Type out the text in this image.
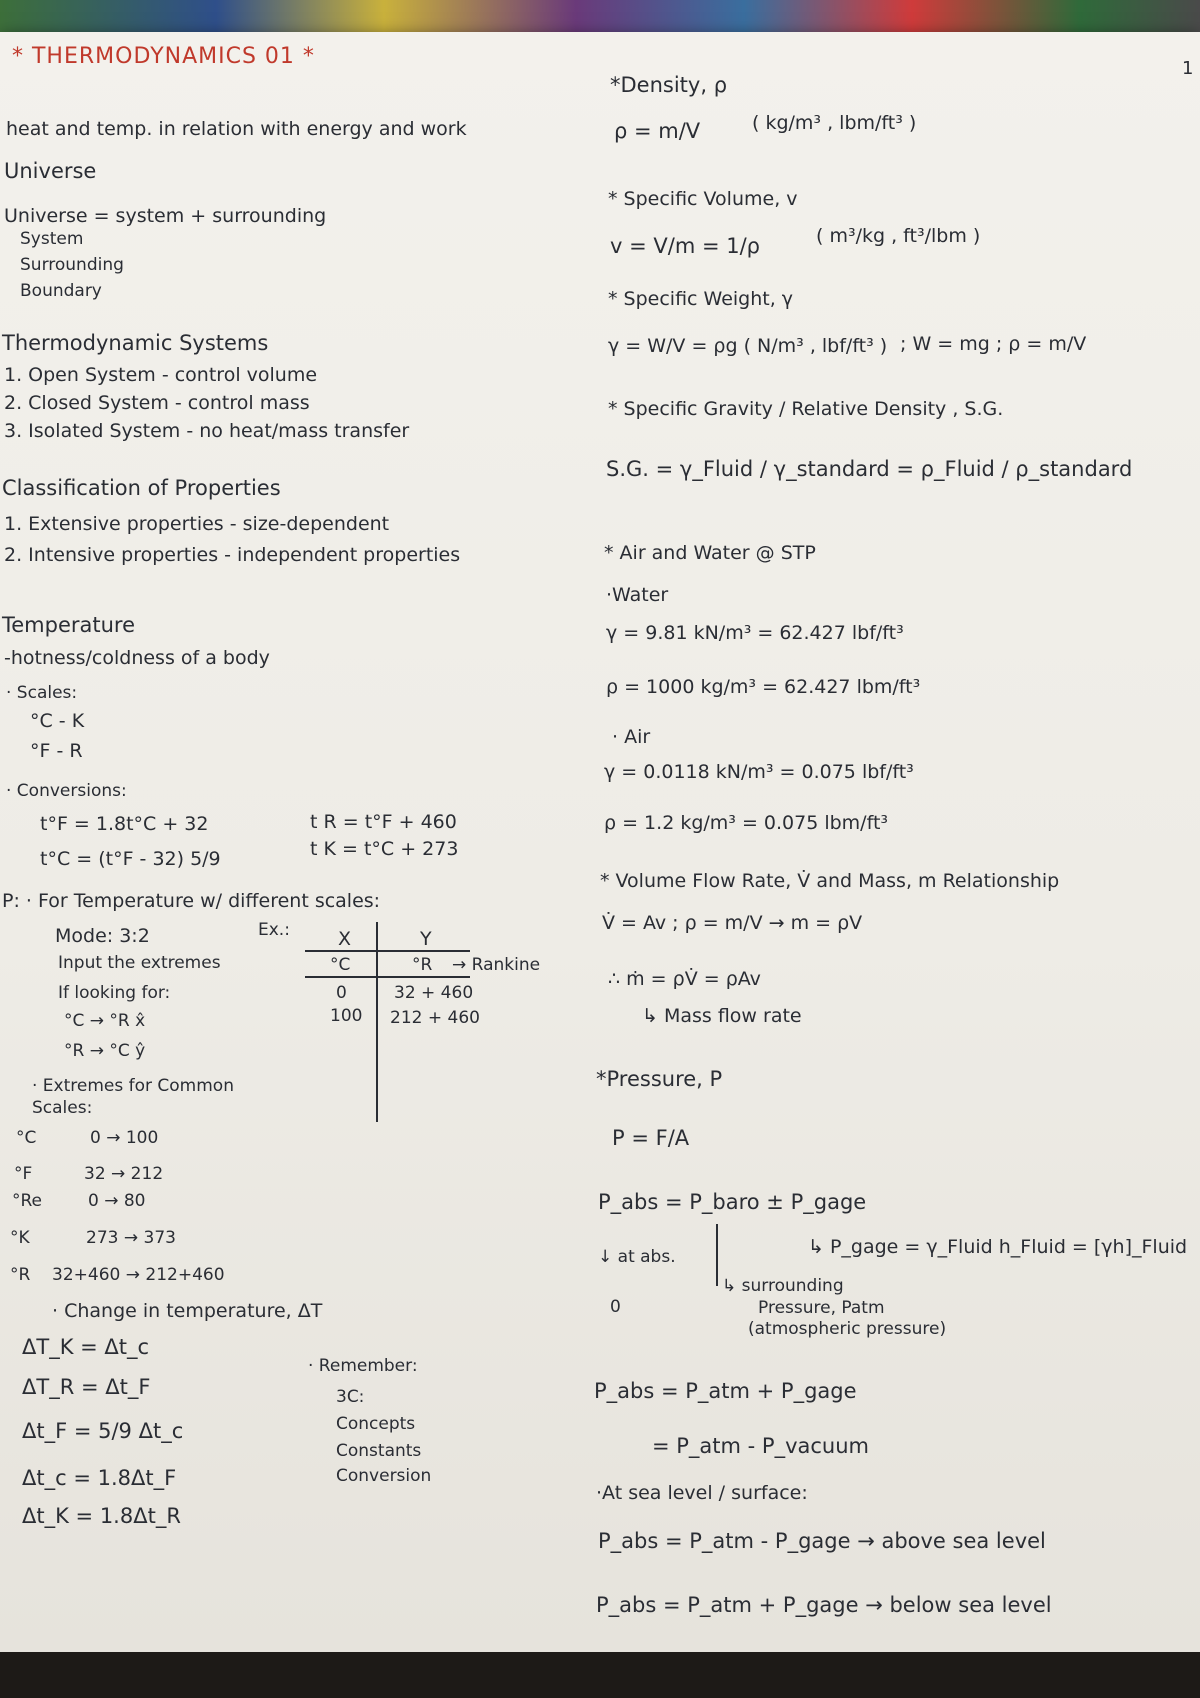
1
* THERMODYNAMICS 01 *
heat and temp. in relation with energy and work
Universe
Universe = system + surrounding
System
Surrounding
Boundary
Thermodynamic Systems
1. Open System - control volume
2. Closed System - control mass
3. Isolated System - no heat/mass transfer
Classification of Properties
1. Extensive properties - size-dependent
2. Intensive properties - independent properties
Temperature
-hotness/coldness of a body
· Scales:
°C - K
°F - R
· Conversions:
t°F = 1.8t°C + 32
t°C = (t°F - 32) 5/9
t R = t°F + 460
t K = t°C + 273
P: · For Temperature w/ different scales:
Mode: 3:2
Input the extremes
If looking for:
°C → °R x̂
°R → °C ŷ
Ex.:	X	Y
°C	°R → Rankine
0	32 + 460
100 212 + 460
· Extremes for Common Scales:
°C	0 → 100
°F	32 → 212
°Re	0 → 80
°K	273 → 373
°R	32+460 → 212+460
· Change in temperature, ΔT
ΔT_K = Δt_c
ΔT_R = Δt_F
Δt_F = 5/9 Δt_c
Δt_c = 1.8Δt_F
Δt_K = 1.8Δt_R
· Remember:
3C:
Concepts
Constants
Conversion
*Density, ρ
ρ = m/V	( kg/m³ , lbm/ft³ )
* Specific Volume, v
v = V/m = 1/ρ	( m³/kg , ft³/lbm )
* Specific Weight, γ
γ = W/V = ρg ( N/m³ , lbf/ft³ ) ; W = mg ; ρ = m/V
* Specific Gravity / Relative Density , S.G.
S.G. = γ_Fluid / γ_standard = ρ_Fluid / ρ_standard
* Air and Water @ STP
·Water
γ = 9.81 kN/m³ = 62.427 lbf/ft³
ρ = 1000 kg/m³ = 62.427 lbm/ft³
· Air
γ = 0.0118 kN/m³ = 0.075 lbf/ft³
ρ = 1.2 kg/m³ = 0.075 lbm/ft³
* Volume Flow Rate, V̇ and Mass, m Relationship
V̇ = Av ; ρ = m/V → m = ρV
∴ ṁ = ρV̇ = ρAv
↳ Mass flow rate
*Pressure, P
P = F/A
P_abs = P_baro ± P_gage
↳ P_gage = γ_Fluid h_Fluid = [γh]_Fluid
↓ at abs.
0
↳ surrounding
Pressure, Patm
(atmospheric pressure)
P_abs = P_atm + P_gage
= P_atm - P_vacuum
·At sea level / surface:
P_abs = P_atm - P_gage → above sea level
P_abs = P_atm + P_gage → below sea level
